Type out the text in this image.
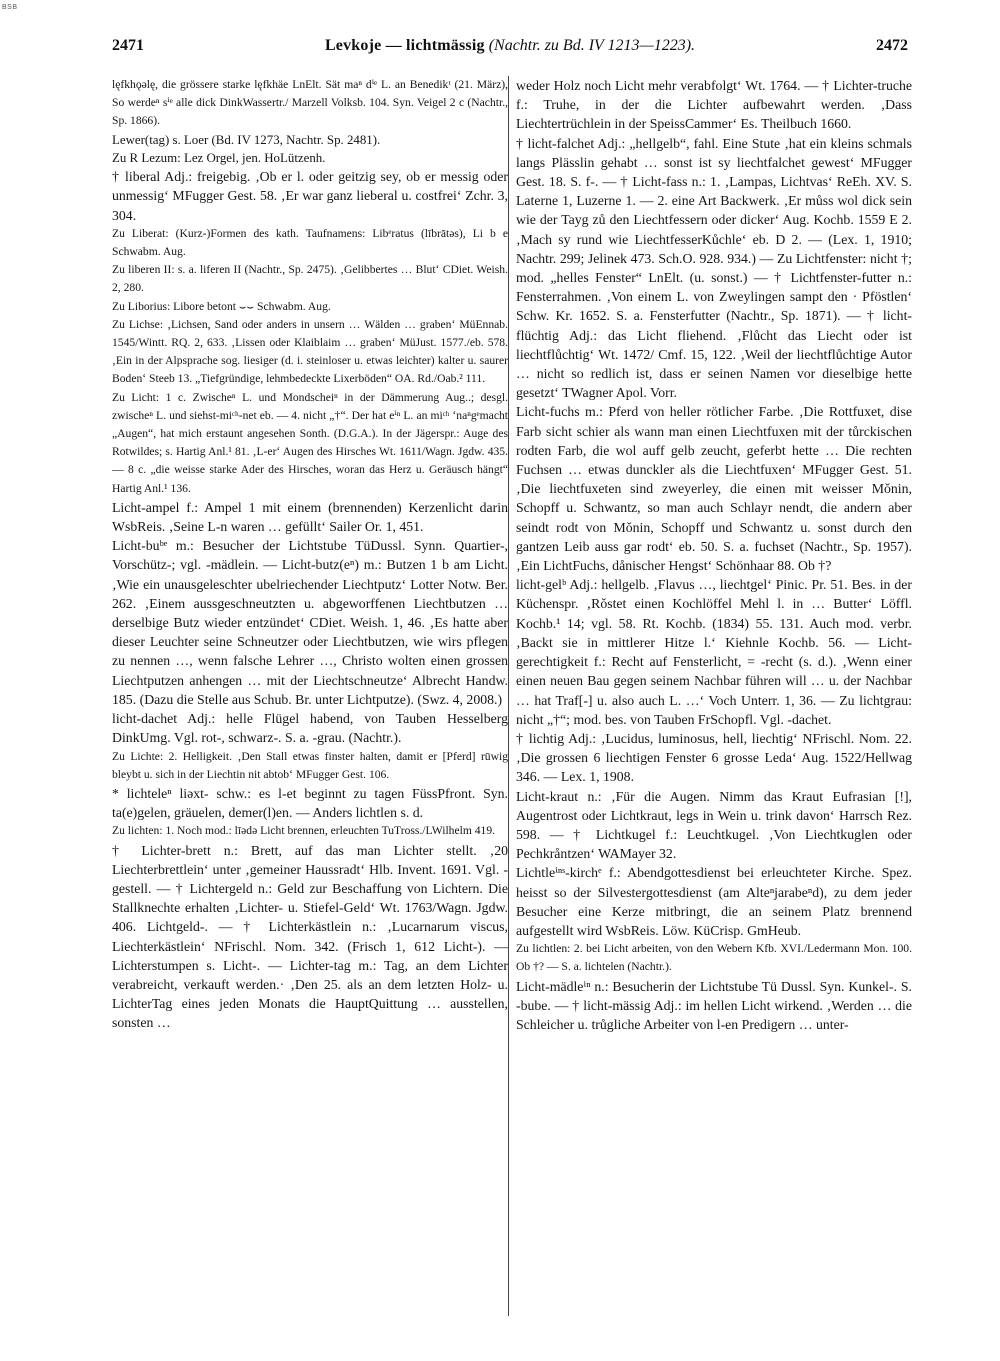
BSB
2471	Levkoje — lichtmässig (Nachtr. zu Bd. IV 1213—1223).	2472

lęfkhǫəlę, die grössere starke lęfkhäe LnElt. Sät maⁿ dⁱᵉ L. an Benedikᵗ (21. März), So werdeⁿ sⁱᵉ alle dick DinkWassertr./ Marzell Volksb. 104. Syn. Veigel 2 c (Nachtr., Sp. 1866).

Lewer(tag) s. Loer (Bd. IV 1273, Nachtr. Sp. 2481).

Zu R Lezum: Lez Orgel, jen. HoLützenh.

† liberal Adj.: freigebig. ‚Ob er l. oder geitzig sey, ob er messig oder unmessig‘ MFugger Gest. 58. ‚Er war ganz lieberal u. costfrei‘ Zchr. 3, 304.

Zu Liberat: (Kurz-)Formen des kath. Taufnamens: Libᵉratus (lībrātəs), Li b e Schwabm. Aug.

Zu liberen II: s. a. liferen II (Nachtr., Sp. 2475). ‚Gelibbertes … Blut‘ CDiet. Weish. 2, 280.

Zu Liborius: Libore betont ⌣⌣ Schwabm. Aug.

Zu Lichse: ‚Lichsen, Sand oder anders in unsern … Wälden … graben‘ MüEnnab. 1545/Wintt. RQ. 2, 633. ‚Lissen oder Klaiblaim … graben‘ MüJust. 1577./eb. 578. ‚Ein in der Alpsprache sog. liesiger (d. i. steinloser u. etwas leichter) kalter u. saurer Boden‘ Steeb 13. „Tiefgründige, lehmbedeckte Lixerböden“ OA. Rd./Oab.² 111.

Zu Licht: 1 c. Zwischeⁿ L. und Mondscheiⁿ in der Dämmerung Aug..; desgl. zwischeⁿ L. und siehst-miᶜʰ-net eb. — 4. nicht „†“. Der hat eⁱⁿ L. an miᶜʰ ‘naⁿgᵉmacht „Augen“, hat mich erstaunt angesehen Sonth. (D.G.A.). In der Jägerspr.: Auge des Rotwildes; s. Hartig Anl.¹ 81. ‚L-er‘ Augen des Hirsches Wt. 1611/Wagn. Jgdw. 435. — 8 c. „die weisse starke Ader des Hirsches, woran das Herz u. Geräusch hängt“ Hartig Anl.¹ 136.

Licht-ampel f.: Ampel 1 mit einem (brennenden) Kerzenlicht darin WsbReis. ‚Seine L-n waren … gefüllt‘ Sailer Or. 1, 451.

Licht-buᵇᵉ m.: Besucher der Lichtstube TüDussl. Synn. Quartier-, Vorschütz-; vgl. -mädlein. — Licht-butz(eⁿ) m.: Butzen 1 b am Licht. ‚Wie ein unausgeleschter ubelriechender Liechtputz‘ Lotter Notw. Ber. 262. ‚Einem aussgeschneutzten u. abgeworffenen Liechtbutzen … derselbige Butz wieder entzündet‘ CDiet. Weish. 1, 46. ‚Es hatte aber dieser Leuchter seine Schneutzer oder Liechtbutzen, wie wirs pflegen zu nennen …, wenn falsche Lehrer …, Christo wolten einen grossen Liechtputzen anhengen … mit der Liechtschneutze‘ Albrecht Handw. 185. (Dazu die Stelle aus Schub. Br. unter Lichtputze). (Swz. 4, 2008.)

licht-dachet Adj.: helle Flügel habend, von Tauben Hesselberg DinkUmg. Vgl. rot-, schwarz-. S. a. -grau. (Nachtr.).

Zu Lichte: 2. Helligkeit. ‚Den Stall etwas finster halten, damit er [Pferd] rūwig bleybt u. sich in der Liechtin nit abtob‘ MFugger Gest. 106.

* lichteleⁿ liəxt- schw.: es l-et beginnt zu tagen FüssPfront. Syn. ta(e)gelen, gräuelen, demer(l)en. — Anders lichtlen s. d.

Zu lichten: 1. Noch mod.: līədə Licht brennen, erleuchten TuTross./LWilhelm 419.

† Lichter-brett n.: Brett, auf das man Lichter stellt. ‚20 Liechterbrettlein‘ unter ‚gemeiner Haussradt‘ Hlb. Invent. 1691. Vgl. -gestell. — † Lichtergeld n.: Geld zur Beschaffung von Lichtern. Die Stallknechte erhalten ‚Lichter- u. Stiefel-Geld‘ Wt. 1763/Wagn. Jgdw. 406. Lichtgeld-. — † Lichterkästlein n.: ‚Lucarnarum viscus, Liechterkästlein‘ NFrischl. Nom. 342. (Frisch 1, 612 Licht-). — Lichterstumpen s. Licht-. — Lichter-tag m.: Tag, an dem Lichter verabreicht, verkauft werden.· ‚Den 25. als an dem letzten Holz- u. LichterTag eines jeden Monats die HauptQuittung … ausstellen, sonsten …

weder Holz noch Licht mehr verabfolgt‘ Wt. 1764. — † Lichter-truche f.: Truhe, in der die Lichter aufbewahrt werden. ‚Dass Liechtertrüchlein in der SpeissCammer‘ Es. Theilbuch 1660.

† licht-falchet Adj.: „hellgelb“, fahl. Eine Stute ‚hat ein kleins schmals langs Plässlin gehabt … sonst ist sy liechtfalchet gewest‘ MFugger Gest. 18. S. f-. — † Licht-fass n.: 1. ‚Lampas, Lichtvas‘ ReEh. XV. S. Laterne 1, Luzerne 1. — 2. eine Art Backwerk. ‚Er můss wol dick sein wie der Tayg zů den Liechtfessern oder dicker‘ Aug. Kochb. 1559 E 2. ‚Mach sy rund wie LiechtfesserKůchle‘ eb. D 2. — (Lex. 1, 1910; Nachtr. 299; Jelinek 473. Sch.O. 928. 934.) — Zu Lichtfenster: nicht †; mod. „helles Fenster“ LnElt. (u. sonst.) — † Lichtfenster-futter n.: Fensterrahmen. ‚Von einem L. von Zweylingen sampt den · Pföstlen‘ Schw. Kr. 1652. S. a. Fensterfutter (Nachtr., Sp. 1871). — † licht-flüchtig Adj.: das Licht fliehend. ‚Flůcht das Liecht oder ist liechtflůchtig‘ Wt. 1472/ Cmf. 15, 122. ‚Weil der liechtflůchtige Autor … nicht so redlich ist, dass er seinen Namen vor dieselbige hette gesetzt‘ TWagner Apol. Vorr.

Licht-fuchs m.: Pferd von heller rötlicher Farbe. ‚Die Rottfuxet, dise Farb sicht schier als wann man einen Liechtfuxen mit der tůrckischen rodten Farb, die wol auff gelb zeucht, geferbt hette … Die rechten Fuchsen … etwas dunckler als die Liechtfuxen‘ MFugger Gest. 51. ‚Die liechtfuxeten sind zweyerley, die einen mit weisser Mǒnin, Schopff u. Schwantz, so man auch Schlayr nendt, die andern aber seindt rodt von Mǒnin, Schopff und Schwantz u. sonst durch den gantzen Leib auss gar rodt‘ eb. 50. S. a. fuchset (Nachtr., Sp. 1957). ‚Ein LichtFuchs, dånischer Hengst‘ Schönhaar 88. Ob †?

licht-gelᵇ Adj.: hellgelb. ‚Flavus …, liechtgel‘ Pinic. Pr. 51. Bes. in der Küchenspr. ‚Rǒstet einen Kochlöffel Mehl l. in … Butter‘ Löffl. Kochb.¹ 14; vgl. 58. Rt. Kochb. (1834) 55. 131. Auch mod. verbr. ‚Backt sie in mittlerer Hitze l.‘ Kiehnle Kochb. 56. — Licht-gerechtigkeit f.: Recht auf Fensterlicht, = -recht (s. d.). ‚Wenn einer einen neuen Bau gegen seinem Nachbar führen will … u. der Nachbar … hat Traf[-] u. also auch L. …‘ Voch Unterr. 1, 36. — Zu lichtgrau: nicht „†“; mod. bes. von Tauben FrSchopfl. Vgl. -dachet.

† lichtig Adj.: ‚Lucidus, luminosus, hell, liechtig‘ NFrischl. Nom. 22. ‚Die grossen 6 liechtigen Fenster 6 grosse Leda‘ Aug. 1522/Hellwag 346. — Lex. 1, 1908.

Licht-kraut n.: ‚Für die Augen. Nimm das Kraut Eufrasian [!], Augentrost oder Lichtkraut, legs in Wein u. trink davon‘ Harrsch Rez. 598. — † Lichtkugel f.: Leuchtkugel. ‚Von Liechtkuglen oder Pechkråntzen‘ WAMayer 32.

Lichtleⁱⁿˢ-kirchᵉ f.: Abendgottesdienst bei erleuchteter Kirche. Spez. heisst so der Silvestergottesdienst (am Alteⁿjarabeⁿd), zu dem jeder Besucher eine Kerze mitbringt, die an seinem Platz brennend aufgestellt wird WsbReis. Löw. KüCrisp. GmHeub.

Zu lichtlen: 2. bei Licht arbeiten, von den Webern Kfb. XVI./Ledermann Mon. 100. Ob †? — S. a. lichtelen (Nachtr.).

Licht-mädleⁱⁿ n.: Besucherin der Lichtstube Tü Dussl. Syn. Kunkel-. S. -bube. — † licht-mässig Adj.: im hellen Licht wirkend. ‚Werden … die Schleicher u. trůgliche Arbeiter von l-en Predigern … unter-
